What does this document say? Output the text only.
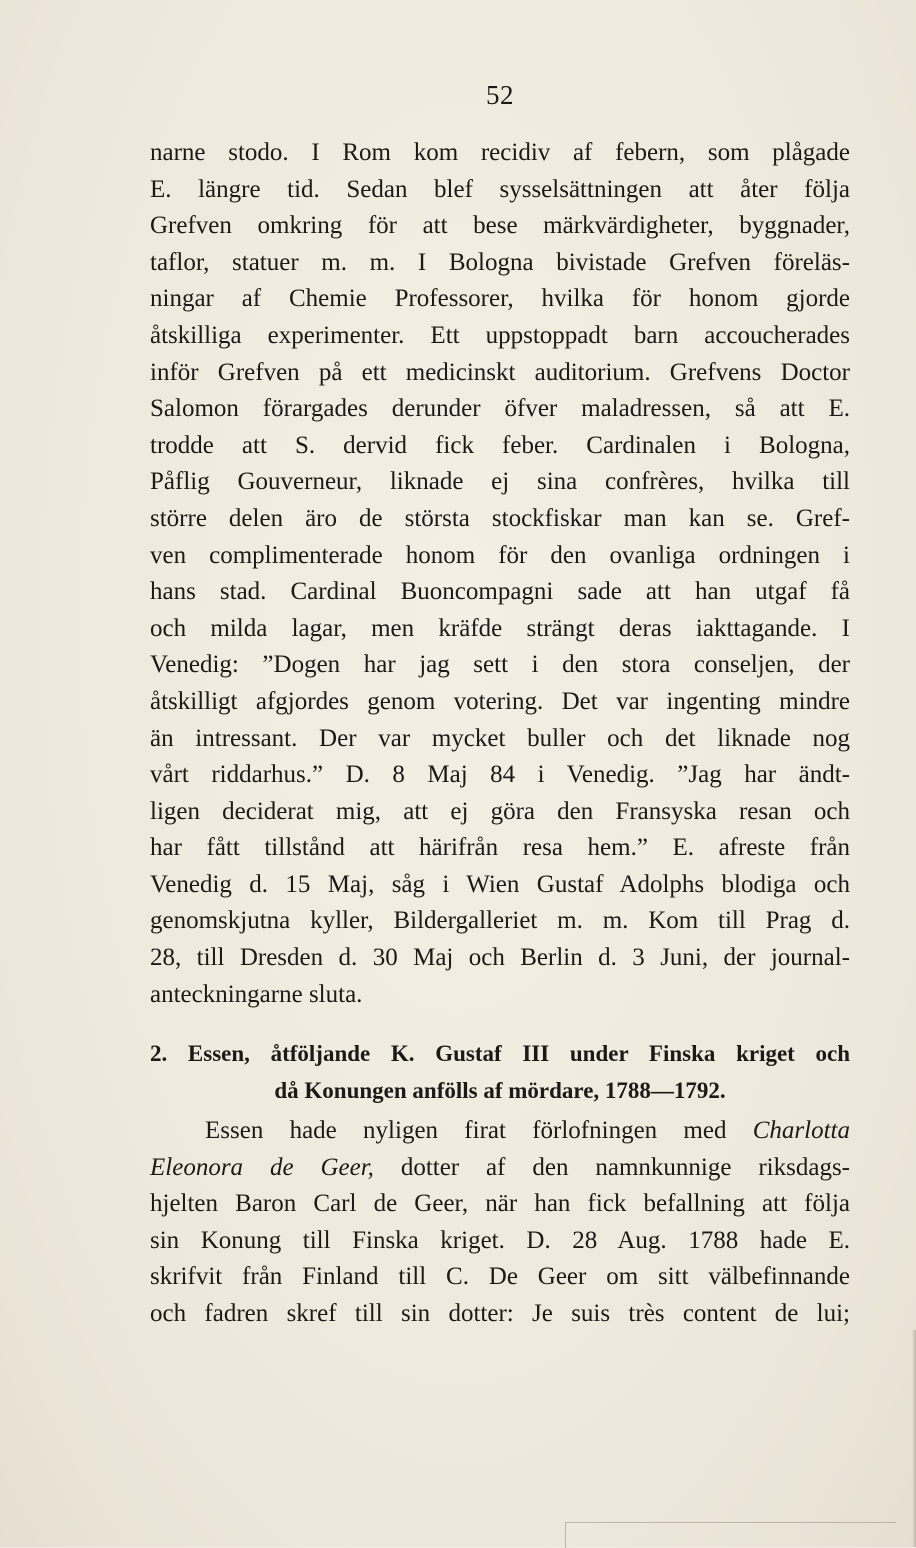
52
narne stodo. I Rom kom recidiv af febern, som plågade
E. längre tid. Sedan blef sysselsättningen att åter följa
Grefven omkring för att bese märkvärdigheter, byggnader,
taflor, statuer m. m. I Bologna bivistade Grefven föreläs-
ningar af Chemie Professorer, hvilka för honom gjorde
åtskilliga experimenter. Ett uppstoppadt barn accoucherades
inför Grefven på ett medicinskt auditorium. Grefvens Doctor
Salomon förargades derunder öfver maladressen, så att E.
trodde att S. dervid fick feber. Cardinalen i Bologna,
Påflig Gouverneur, liknade ej sina confrères, hvilka till
större delen äro de största stockfiskar man kan se. Gref-
ven complimenterade honom för den ovanliga ordningen i
hans stad. Cardinal Buoncompagni sade att han utgaf få
och milda lagar, men kräfde strängt deras iakttagande. I
Venedig: ”Dogen har jag sett i den stora conseljen, der
åtskilligt afgjordes genom votering. Det var ingenting mindre
än intressant. Der var mycket buller och det liknade nog
vårt riddarhus.” D. 8 Maj 84 i Venedig. ”Jag har ändt-
ligen deciderat mig, att ej göra den Fransyska resan och
har fått tillstånd att härifrån resa hem.” E. afreste från
Venedig d. 15 Maj, såg i Wien Gustaf Adolphs blodiga och
genomskjutna kyller, Bildergalleriet m. m. Kom till Prag d.
28, till Dresden d. 30 Maj och Berlin d. 3 Juni, der journal-
anteckningarne sluta.
2. Essen, åtföljande K. Gustaf III under Finska kriget och
då Konungen anfölls af mördare, 1788—1792.
Essen hade nyligen firat förlofningen med Charlotta
Eleonora de Geer, dotter af den namnkunnige riksdags-
hjelten Baron Carl de Geer, när han fick befallning att följa
sin Konung till Finska kriget. D. 28 Aug. 1788 hade E.
skrifvit från Finland till C. De Geer om sitt välbefinnande
och fadren skref till sin dotter: Je suis très content de lui;
